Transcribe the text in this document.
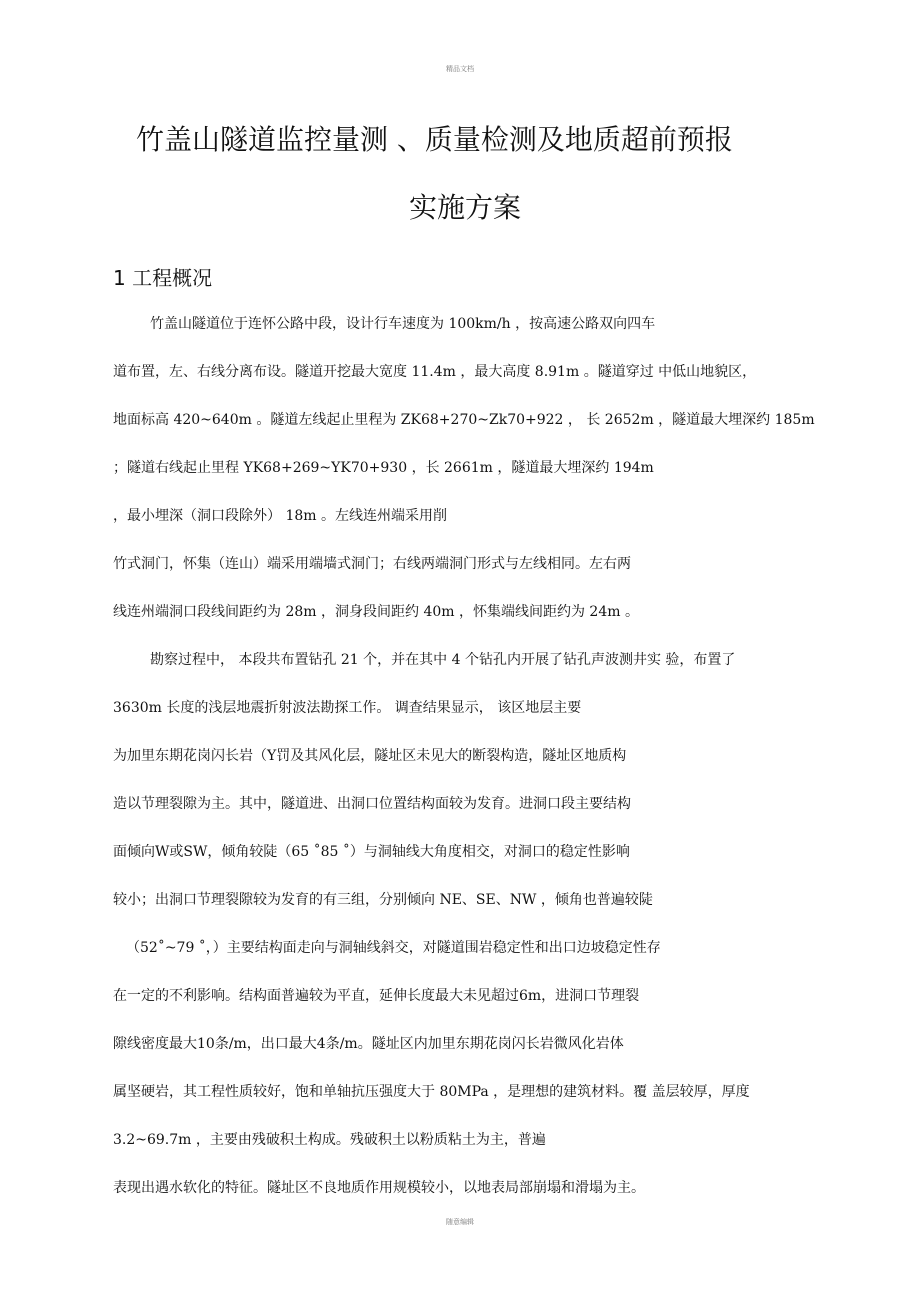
精品文档
竹盖山隧道监控量测 、质量检测及地质超前预报
实施方案
1 工程概况
竹盖山隧道位于连怀公路中段，设计行车速度为 100km/h ，按高速公路双向四车
道布置，左、右线分离布设。隧道开挖最大宽度 11.4m ，最大高度 8.91m 。隧道穿过 中低山地貌区，
地面标高 420~640m 。隧道左线起止里程为 ZK68+270~Zk70+922 ， 长 2652m ，隧道最大埋深约 185m
；隧道右线起止里程 YK68+269~YK70+930 ，长 2661m ，隧道最大埋深约 194m
，最小埋深（洞口段除外） 18m 。左线连州端采用削
竹式洞门，怀集（连山）端采用端墙式洞门；右线两端洞门形式与左线相同。左右两
线连州端洞口段线间距约为 28m ，洞身段间距约 40m ，怀集端线间距约为 24m 。
勘察过程中， 本段共布置钻孔 21 个，并在其中 4 个钻孔内开展了钻孔声波测井实 验，布置了
3630m 长度的浅层地震折射波法勘探工作。 调查结果显示， 该区地层主要
为加里东期花岗闪长岩（Y罚及其风化层，隧址区未见大的断裂构造，隧址区地质构
造以节理裂隙为主。其中，隧道进、出洞口位置结构面较为发育。进洞口段主要结构
面倾向W或SW，倾角较陡（65 ˚85 ˚）与洞轴线大角度相交，对洞口的稳定性影响
较小；出洞口节理裂隙较为发育的有三组，分别倾向 NE、SE、NW ，倾角也普遍较陡
（52˚~79 ˚，）主要结构面走向与洞轴线斜交，对隧道围岩稳定性和出口边坡稳定性存
在一定的不利影响。结构面普遍较为平直，延伸长度最大未见超过6m，进洞口节理裂
隙线密度最大10条/m，出口最大4条/m。隧址区内加里东期花岗闪长岩微风化岩体
属坚硬岩，其工程性质较好，饱和单轴抗压强度大于 80MPa ，是理想的建筑材料。覆 盖层较厚，厚度
3.2~69.7m ，主要由残破积土构成。残破积土以粉质粘土为主，普遍
表现出遇水软化的特征。隧址区不良地质作用规模较小，以地表局部崩塌和滑塌为主。
随意编辑
